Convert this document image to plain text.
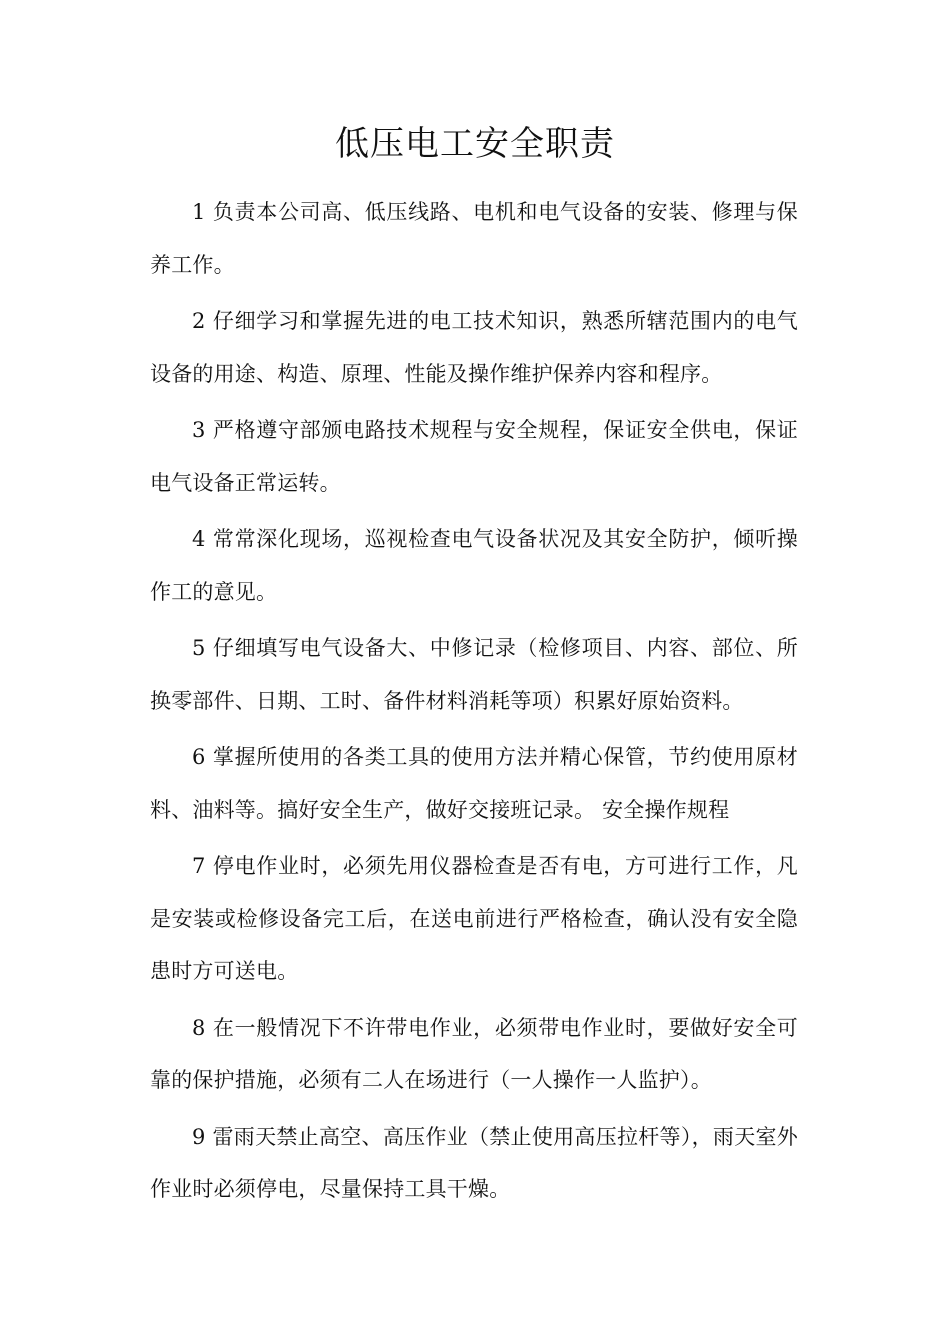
低压电工安全职责

1 负责本公司高、低压线路、电机和电气设备的安装、修理与保养工作。

2 仔细学习和掌握先进的电工技术知识，熟悉所辖范围内的电气设备的用途、构造、原理、性能及操作维护保养内容和程序。

3 严格遵守部颁电路技术规程与安全规程，保证安全供电，保证电气设备正常运转。

4 常常深化现场，巡视检查电气设备状况及其安全防护，倾听操作工的意见。

5 仔细填写电气设备大、中修记录（检修项目、内容、部位、所换零部件、日期、工时、备件材料消耗等项）积累好原始资料。

6 掌握所使用的各类工具的使用方法并精心保管，节约使用原材料、油料等。搞好安全生产，做好交接班记录。 安全操作规程

7 停电作业时，必须先用仪器检查是否有电，方可进行工作，凡是安装或检修设备完工后，在送电前进行严格检查，确认没有安全隐患时方可送电。

8 在一般情况下不许带电作业，必须带电作业时，要做好安全可靠的保护措施，必须有二人在场进行（一人操作一人监护）。

9 雷雨天禁止高空、高压作业（禁止使用高压拉杆等），雨天室外作业时必须停电，尽量保持工具干燥。
